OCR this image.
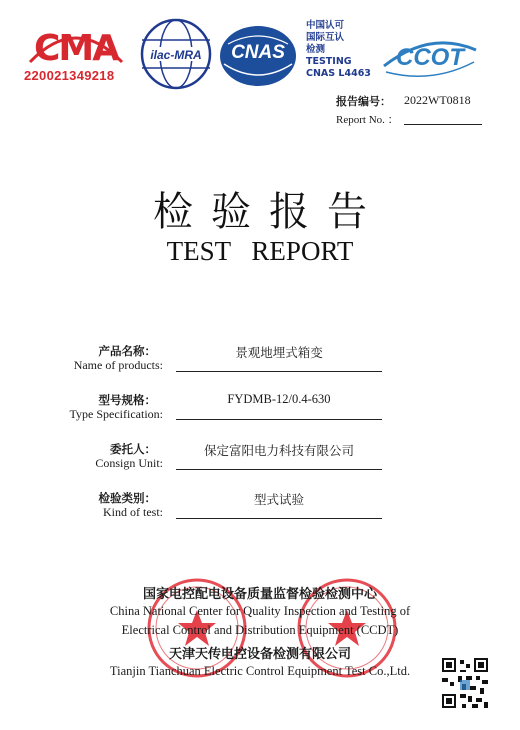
CMA
220021349218
ilac-MRA	CNAS
中国认可
国际互认
检测
TESTING
CNAS L4463
CCOT
报告编号： 2022WT0818
Report No. ：
检验报告
TEST REPORT
产品名称：
Name of products:
景观地埋式箱变
型号规格：
Type Specification:
FYDMB-12/0.4-630
委托人：
Consign Unit:
保定富阳电力科技有限公司
检验类别：
Kind of test:
型式试验
国家电控配电设备质量监督检验检测中心
China National Center for Quality Inspection and Testing of
Electrical Control and Distribution Equipment (CCDT)
天津天传电控设备检测有限公司
Tianjin Tianchuan Electric Control Equipment Test Co.,Ltd.
